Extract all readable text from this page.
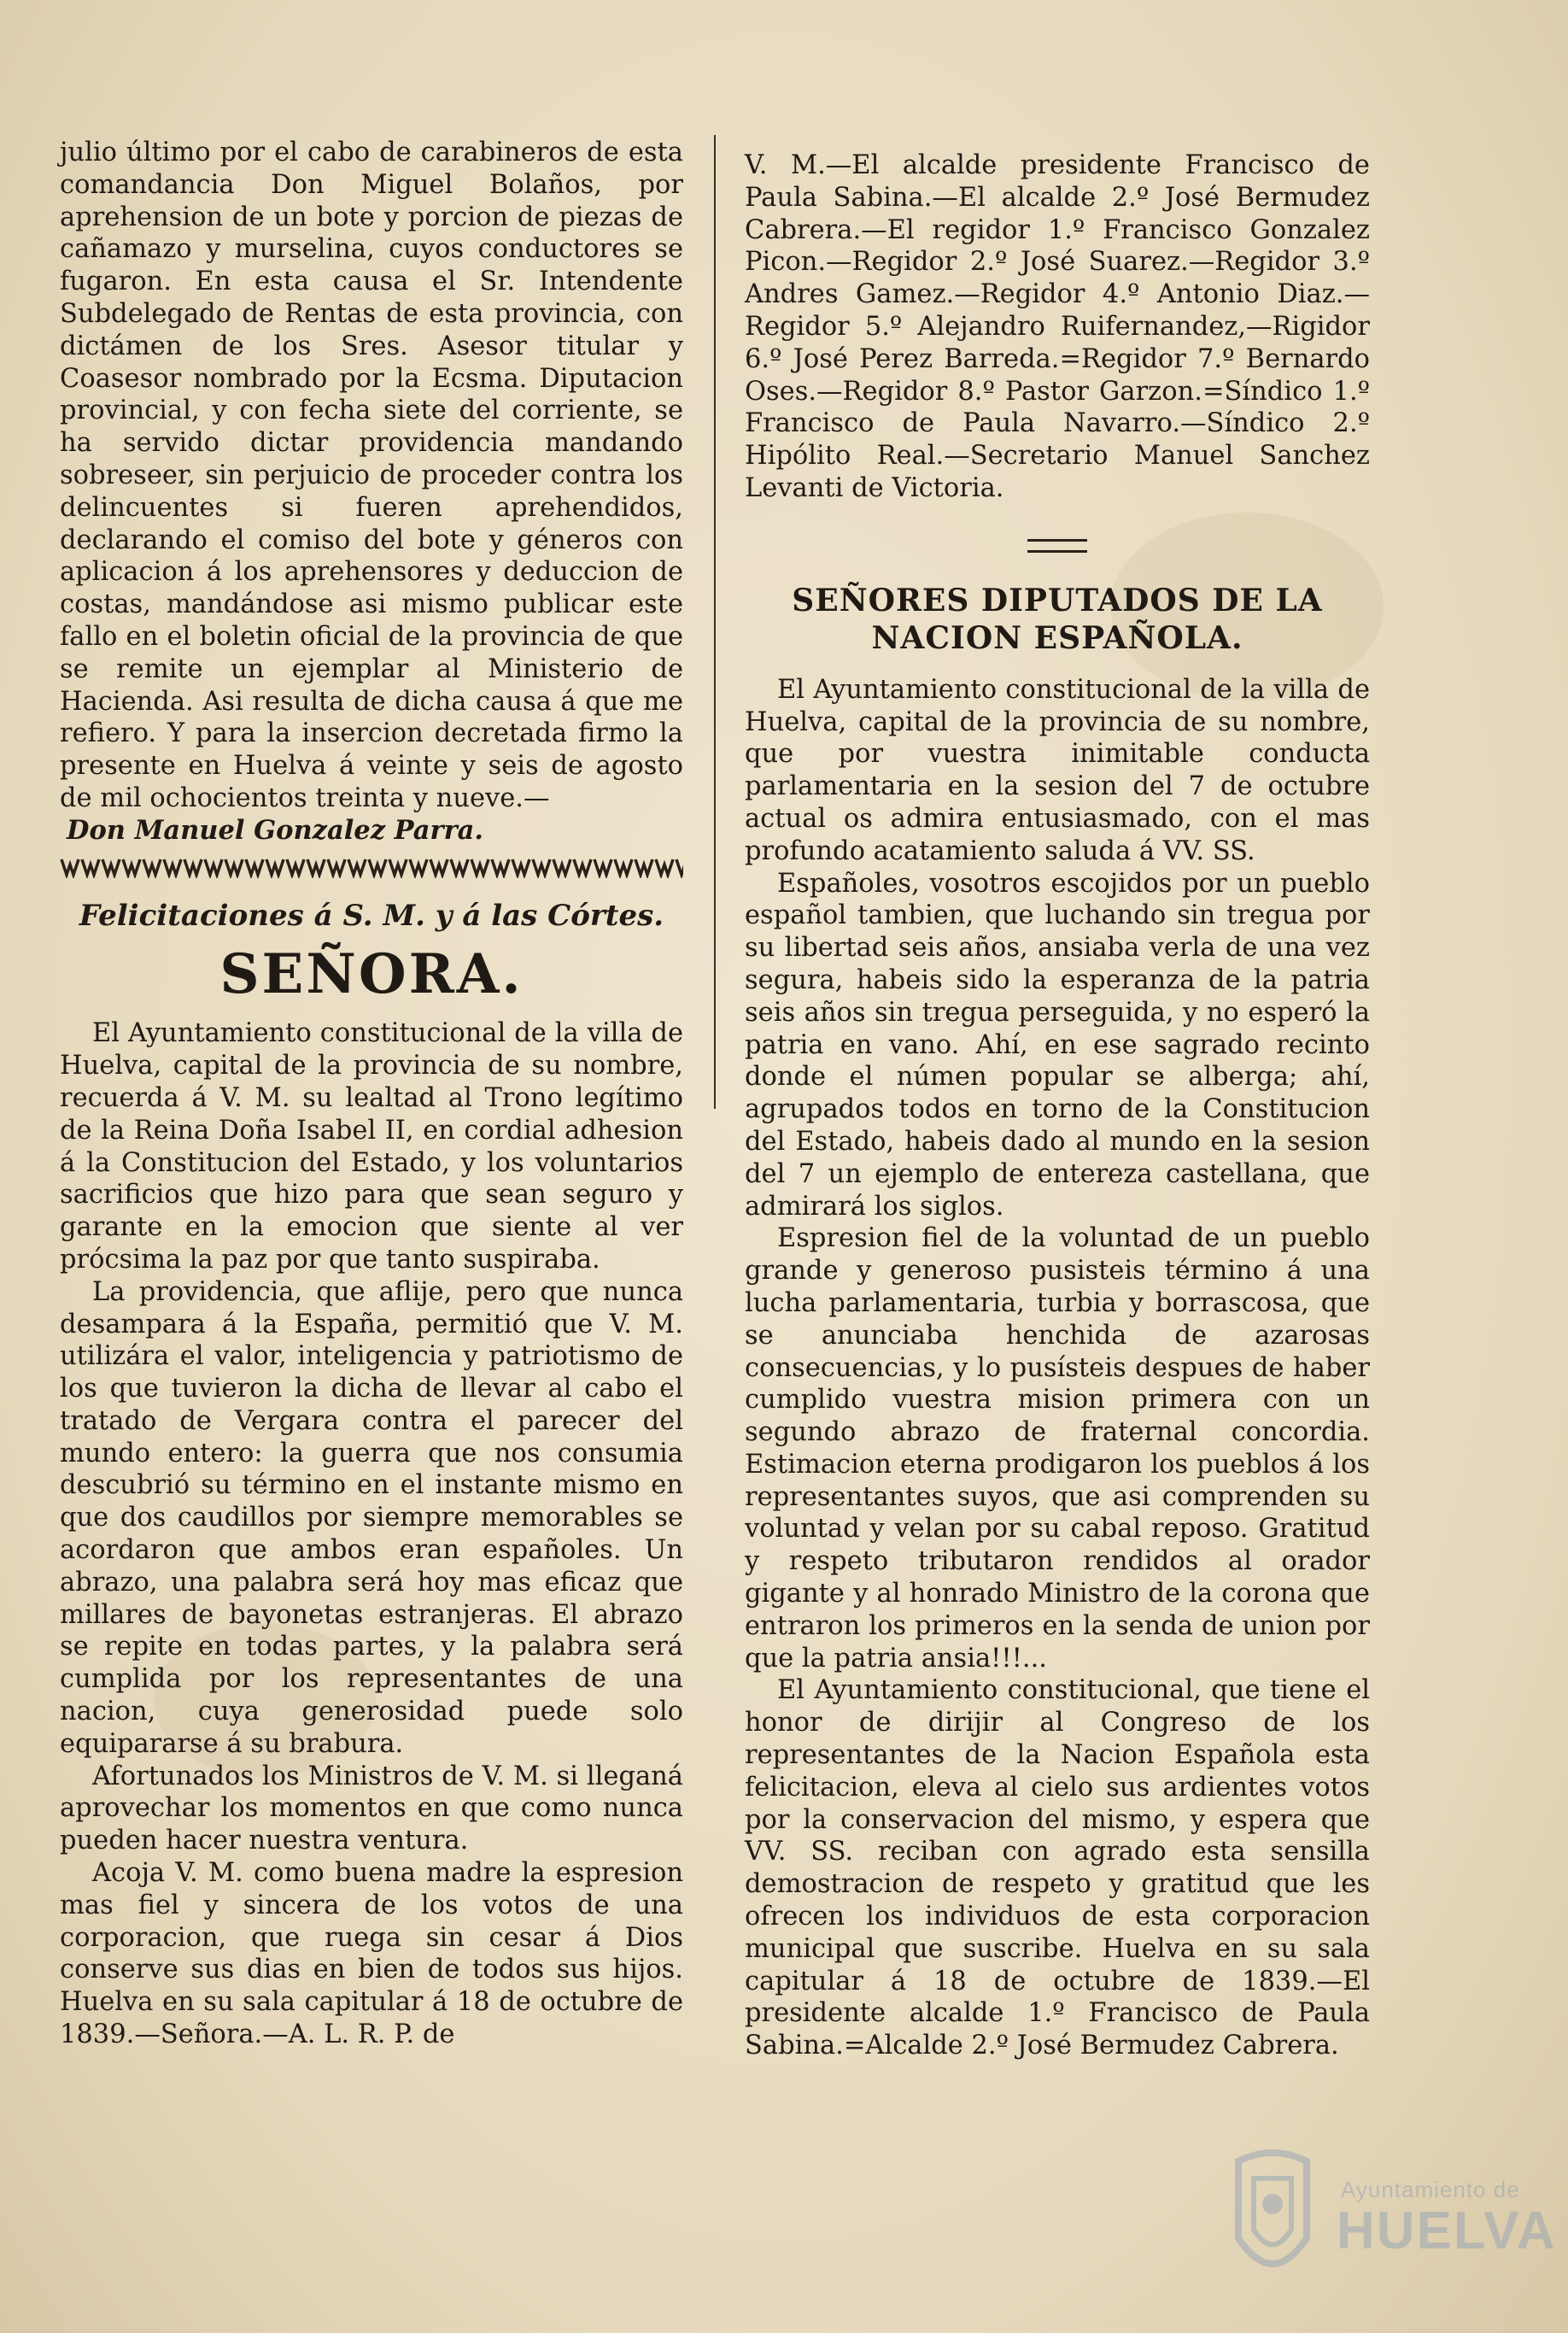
julio último por el cabo de carabineros de esta comandancia Don Miguel Bolaños, por aprehension de un bote y porcion de piezas de cañamazo y murselina, cuyos conductores se fugaron. En esta causa el Sr. Intendente Subdelegado de Rentas de esta provincia, con dictámen de los Sres. Asesor titular y Coasesor nombrado por la Ecsma. Diputacion provincial, y con fecha siete del corriente, se ha servido dictar providencia mandando sobreseer, sin perjuicio de proceder contra los delincuentes si fueren aprehendidos, declarando el comiso del bote y géneros con aplicacion á los aprehensores y deduccion de costas, mandándose asi mismo publicar este fallo en el boletin oficial de la provincia de que se remite un ejemplar al Ministerio de Hacienda. Asi resulta de dicha causa á que me refiero. Y para la insercion decretada firmo la presente en Huelva á veinte y seis de agosto de mil ochocientos treinta y nueve.—

Don Manuel Gonzalez Parra.

Felicitaciones á S. M. y á las Córtes.

SEÑORA.

El Ayuntamiento constitucional de la villa de Huelva, capital de la provincia de su nombre, recuerda á V. M. su lealtad al Trono legítimo de la Reina Doña Isabel II, en cordial adhesion á la Constitucion del Estado, y los voluntarios sacrificios que hizo para que sean seguro y garante en la emocion que siente al ver prócsima la paz por que tanto suspiraba.

La providencia, que aflije, pero que nunca desampara á la España, permitió que V. M. utilizára el valor, inteligencia y patriotismo de los que tuvieron la dicha de llevar al cabo el tratado de Vergara contra el parecer del mundo entero: la guerra que nos consumia descubrió su término en el instante mismo en que dos caudillos por siempre memorables se acordaron que ambos eran españoles. Un abrazo, una palabra será hoy mas eficaz que millares de bayonetas estranjeras. El abrazo se repite en todas partes, y la palabra será cumplida por los representantes de una nacion, cuya generosidad puede solo equipararse á su brabura.

Afortunados los Ministros de V. M. si lleganá aprovechar los momentos en que como nunca pueden hacer nuestra ventura.

Acoja V. M. como buena madre la espresion mas fiel y sincera de los votos de una corporacion, que ruega sin cesar á Dios conserve sus dias en bien de todos sus hijos. Huelva en su sala capitular á 18 de octubre de 1839.—Señora.—A. L. R. P. de

V. M.—El alcalde presidente Francisco de Paula Sabina.—El alcalde 2.º José Bermudez Cabrera.—El regidor 1.º Francisco Gonzalez Picon.—Regidor 2.º José Suarez.—Regidor 3.º Andres Gamez.—Regidor 4.º Antonio Diaz.—Regidor 5.º Alejandro Ruifernandez,—Rigidor 6.º José Perez Barreda.=Regidor 7.º Bernardo Oses.—Regidor 8.º Pastor Garzon.=Síndico 1.º Francisco de Paula Navarro.—Síndico 2.º Hipólito Real.—Secretario Manuel Sanchez Levanti de Victoria.

SEÑORES DIPUTADOS DE LA NACION ESPAÑOLA.

El Ayuntamiento constitucional de la villa de Huelva, capital de la provincia de su nombre, que por vuestra inimitable conducta parlamentaria en la sesion del 7 de octubre actual os admira entusiasmado, con el mas profundo acatamiento saluda á VV. SS.

Españoles, vosotros escojidos por un pueblo español tambien, que luchando sin tregua por su libertad seis años, ansiaba verla de una vez segura, habeis sido la esperanza de la patria seis años sin tregua perseguida, y no esperó la patria en vano. Ahí, en ese sagrado recinto donde el númen popular se alberga; ahí, agrupados todos en torno de la Constitucion del Estado, habeis dado al mundo en la sesion del 7 un ejemplo de entereza castellana, que admirará los siglos.

Espresion fiel de la voluntad de un pueblo grande y generoso pusisteis término á una lucha parlamentaria, turbia y borrascosa, que se anunciaba henchida de azarosas consecuencias, y lo pusísteis despues de haber cumplido vuestra mision primera con un segundo abrazo de fraternal concordia. Estimacion eterna prodigaron los pueblos á los representantes suyos, que asi comprenden su voluntad y velan por su cabal reposo. Gratitud y respeto tributaron rendidos al orador gigante y al honrado Ministro de la corona que entraron los primeros en la senda de union por que la patria ansia!!!...

El Ayuntamiento constitucional, que tiene el honor de dirijir al Congreso de los representantes de la Nacion Española esta felicitacion, eleva al cielo sus ardientes votos por la conservacion del mismo, y espera que VV. SS. reciban con agrado esta sensilla demostracion de respeto y gratitud que les ofrecen los individuos de esta corporacion municipal que suscribe. Huelva en su sala capitular á 18 de octubre de 1839.—El presidente alcalde 1.º Francisco de Paula Sabina.=Alcalde 2.º José Bermudez Cabrera.

Ayuntamiento de
HUELVA
